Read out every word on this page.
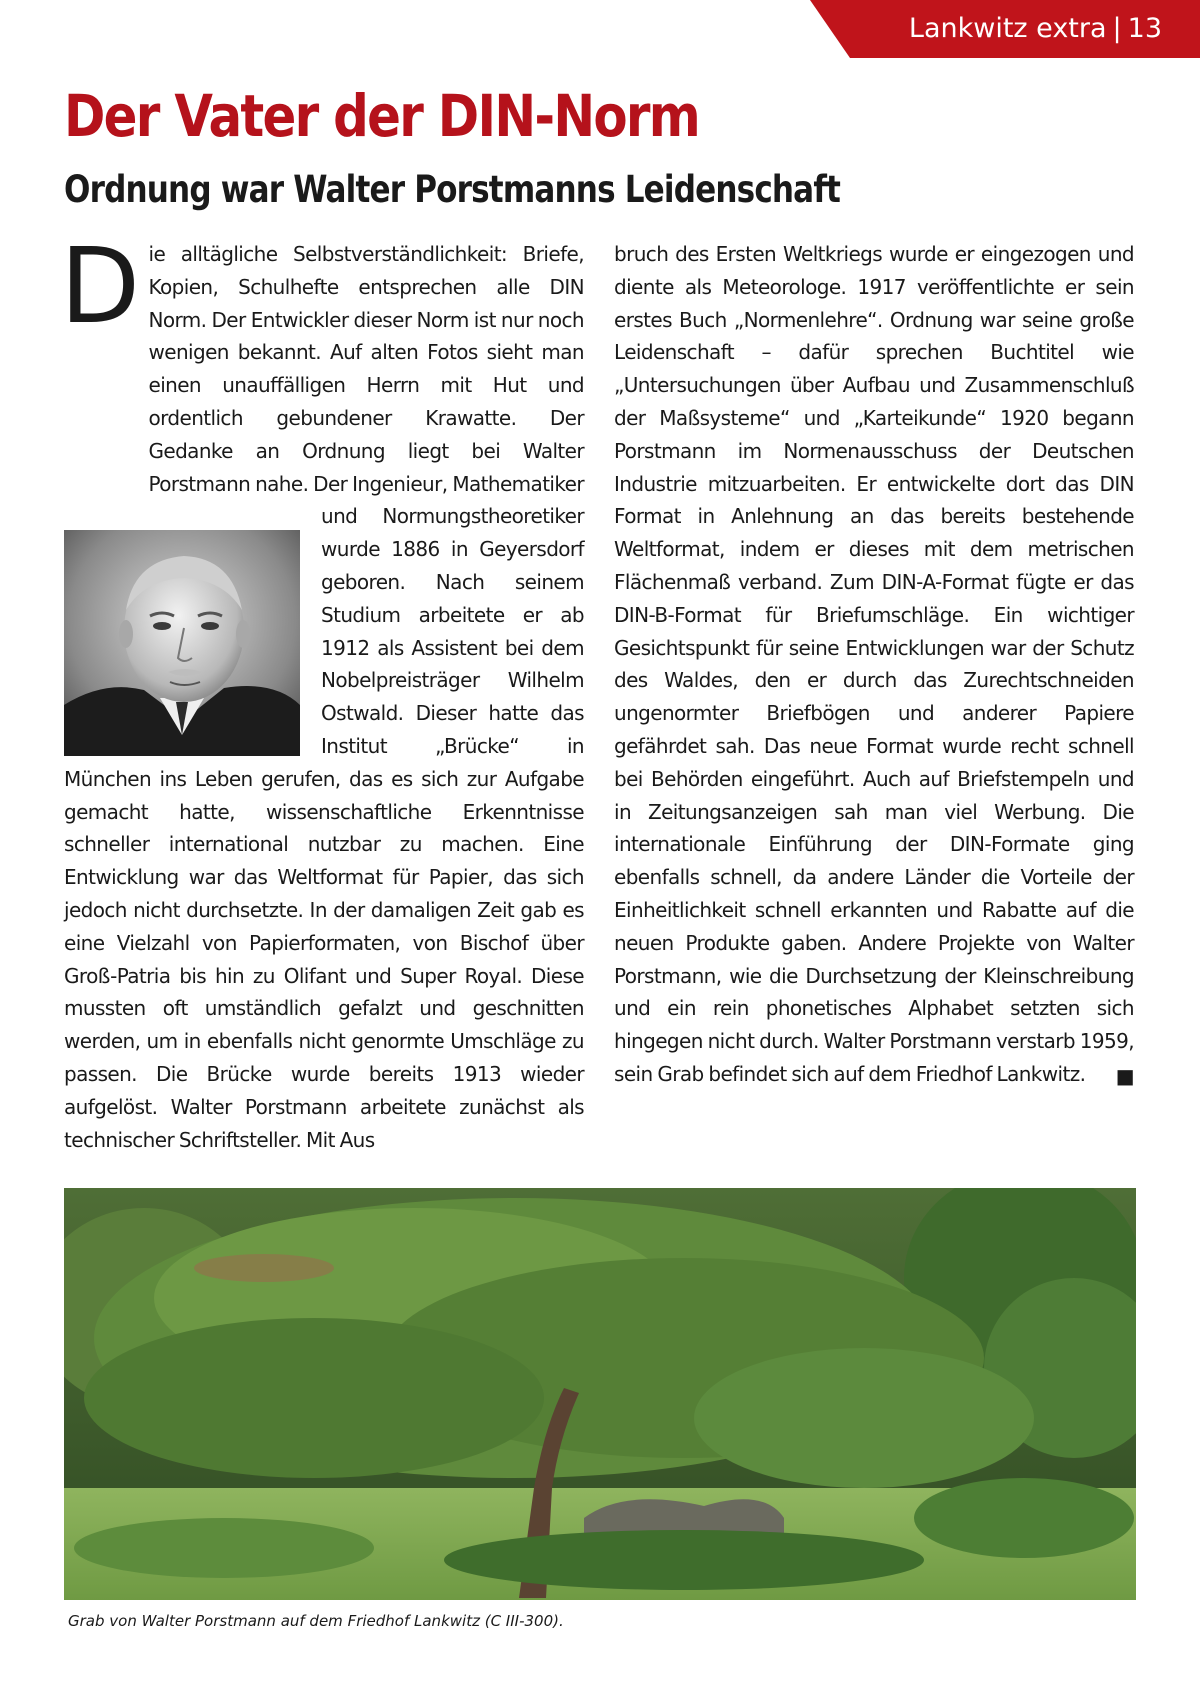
Lankwitz extra | 13
Der Vater der DIN-Norm
Ordnung war Walter Porstmanns Leidenschaft
D ie alltägliche Selbstverständlichkeit: Briefe, Kopien, Schulhefte entsprechen alle DIN Norm. Der Entwickler dieser Norm ist nur noch wenigen bekannt. Auf alten Fotos sieht man einen unauffälligen Herrn mit Hut und ordentlich gebundener Krawatte. Der Gedanke an Ordnung liegt bei Walter Porstmann nahe. Der Ingenieur, Mathematiker und Normungstheoretiker wurde 1886 in Geyersdorf geboren. Nach seinem Studium arbeitete er ab 1912 als Assistent bei dem Nobelpreisträger Wilhelm Ostwald. Dieser hatte das Institut „Brücke“ in München ins Leben gerufen, das es sich zur Aufgabe gemacht hatte, wissenschaftliche Erkenntnisse schneller international nutzbar zu machen. Eine Entwicklung war das Weltformat für Papier, das sich jedoch nicht durchsetzte. In der damaligen Zeit gab es eine Vielzahl von Papierformaten, von Bischof über Groß-Patria bis hin zu Olifant und Super Royal. Diese mussten oft umständlich gefalzt und geschnitten werden, um in ebenfalls nicht genormte Umschläge zu passen. Die Brücke wurde bereits 1913 wieder aufgelöst. Walter Porstmann arbeitete zunächst als technischer Schriftsteller. Mit Aus

bruch des Ersten Weltkriegs wurde er eingezogen und diente als Meteorologe. 1917 veröffentlichte er sein erstes Buch „Normenlehre“. Ordnung war seine große Leidenschaft – dafür sprechen Buchtitel wie „Untersuchungen über Aufbau und Zusammenschluß der Maßsysteme“ und „Karteikunde“ 1920 begann Porstmann im Normenausschuss der Deutschen Industrie mitzuarbeiten. Er entwickelte dort das DIN Format in Anlehnung an das bereits bestehende Weltformat, indem er dieses mit dem metrischen Flächenmaß verband. Zum DIN-A-Format fügte er das DIN-B-Format für Briefumschläge. Ein wichtiger Gesichtspunkt für seine Entwicklungen war der Schutz des Waldes, den er durch das Zurechtschneiden ungenormter Briefbögen und anderer Papiere gefährdet sah. Das neue Format wurde recht schnell bei Behörden eingeführt. Auch auf Briefstempeln und in Zeitungsanzeigen sah man viel Werbung. Die internationale Einführung der DIN-Formate ging ebenfalls schnell, da andere Länder die Vorteile der Einheitlichkeit schnell erkannten und Rabatte auf die neuen Produkte gaben. Andere Projekte von Walter Porstmann, wie die Durchsetzung der Kleinschreibung und ein rein phonetisches Alphabet setzten sich hingegen nicht durch. Walter Porstmann verstarb 1959, sein Grab befindet sich auf dem Friedhof Lankwitz. ■

Grab von Walter Porstmann auf dem Friedhof Lankwitz (C III-300).
